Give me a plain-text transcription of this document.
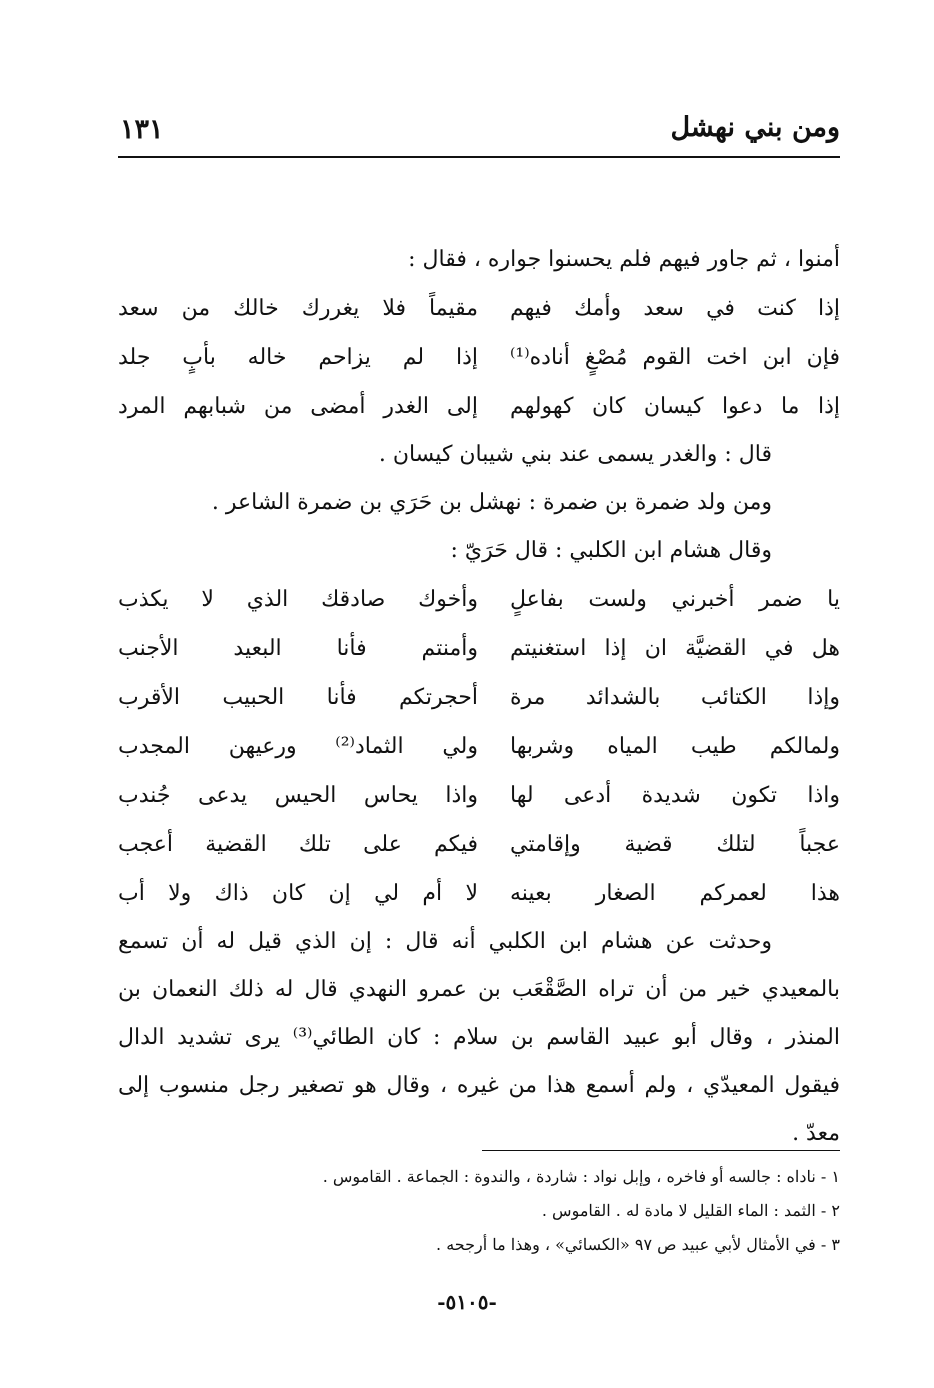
ومن بني نهشل
١٣١
أمنوا ، ثم جاور فيهم فلم يحسنوا جواره ، فقال :
إذا كنت في سعد وأمك فيهم
مقيماً فلا يغررك خالك من سعد
فإن ابن اخت القوم مُصْغٍ أناده⁽¹⁾
إذا لم يزاحم خاله بأبٍ جلد
إذا ما دعوا كيسان كان كهولهم
إلى الغدر أمضى من شبابهم المرد
قال : والغدر يسمى عند بني شيبان كيسان .
ومن ولد ضمرة بن ضمرة : نهشل بن حَرَي بن ضمرة الشاعر .
وقال هشام ابن الكلبي : قال حَرَيّ :
يا ضمر أخبرني ولست بفاعلٍ
وأخوك صادقك الذي لا يكذب
هل في القضيَّة ان إذا استغنيتم
وأمنتم فأنا البعيد الأجنب
وإذا الكتائب بالشدائد مرة
أحجرتكم فأنا الحبيب الأقرب
ولمالكم طيب المياه وشربها
ولي الثماد⁽²⁾ ورعيهن المجدب
واذا تكون شديدة أدعى لها
واذا يحاس الحيس يدعى جُندب
عجباً لتلك قضية وإقامتي
فيكم على تلك القضية أعجب
هذا لعمركم الصغار بعينه
لا أم لي إن كان ذاك ولا أب
وحدثت عن هشام ابن الكلبي أنه قال : إن الذي قيل له أن تسمع
بالمعيدي خير من أن تراه الصَّقْعَب بن عمرو النهدي قال له ذلك النعمان بن
المنذر ، وقال أبو عبيد القاسم بن سلام : كان الطائي⁽³⁾ يرى تشديد الدال
فيقول المعيدّي ، ولم أسمع هذا من غيره ، وقال هو تصغير رجل منسوب إلى
معدّ .
١ - ناداه : جالسه أو فاخره ، وإبل نواد : شاردة ، والندوة : الجماعة . القاموس .
٢ - الثمد : الماء القليل لا مادة له . القاموس .
٣ - في الأمثال لأبي عبيد ص ٩٧ «الكسائي» ، وهذا ما أرجحه .
-٥١٠٥-
